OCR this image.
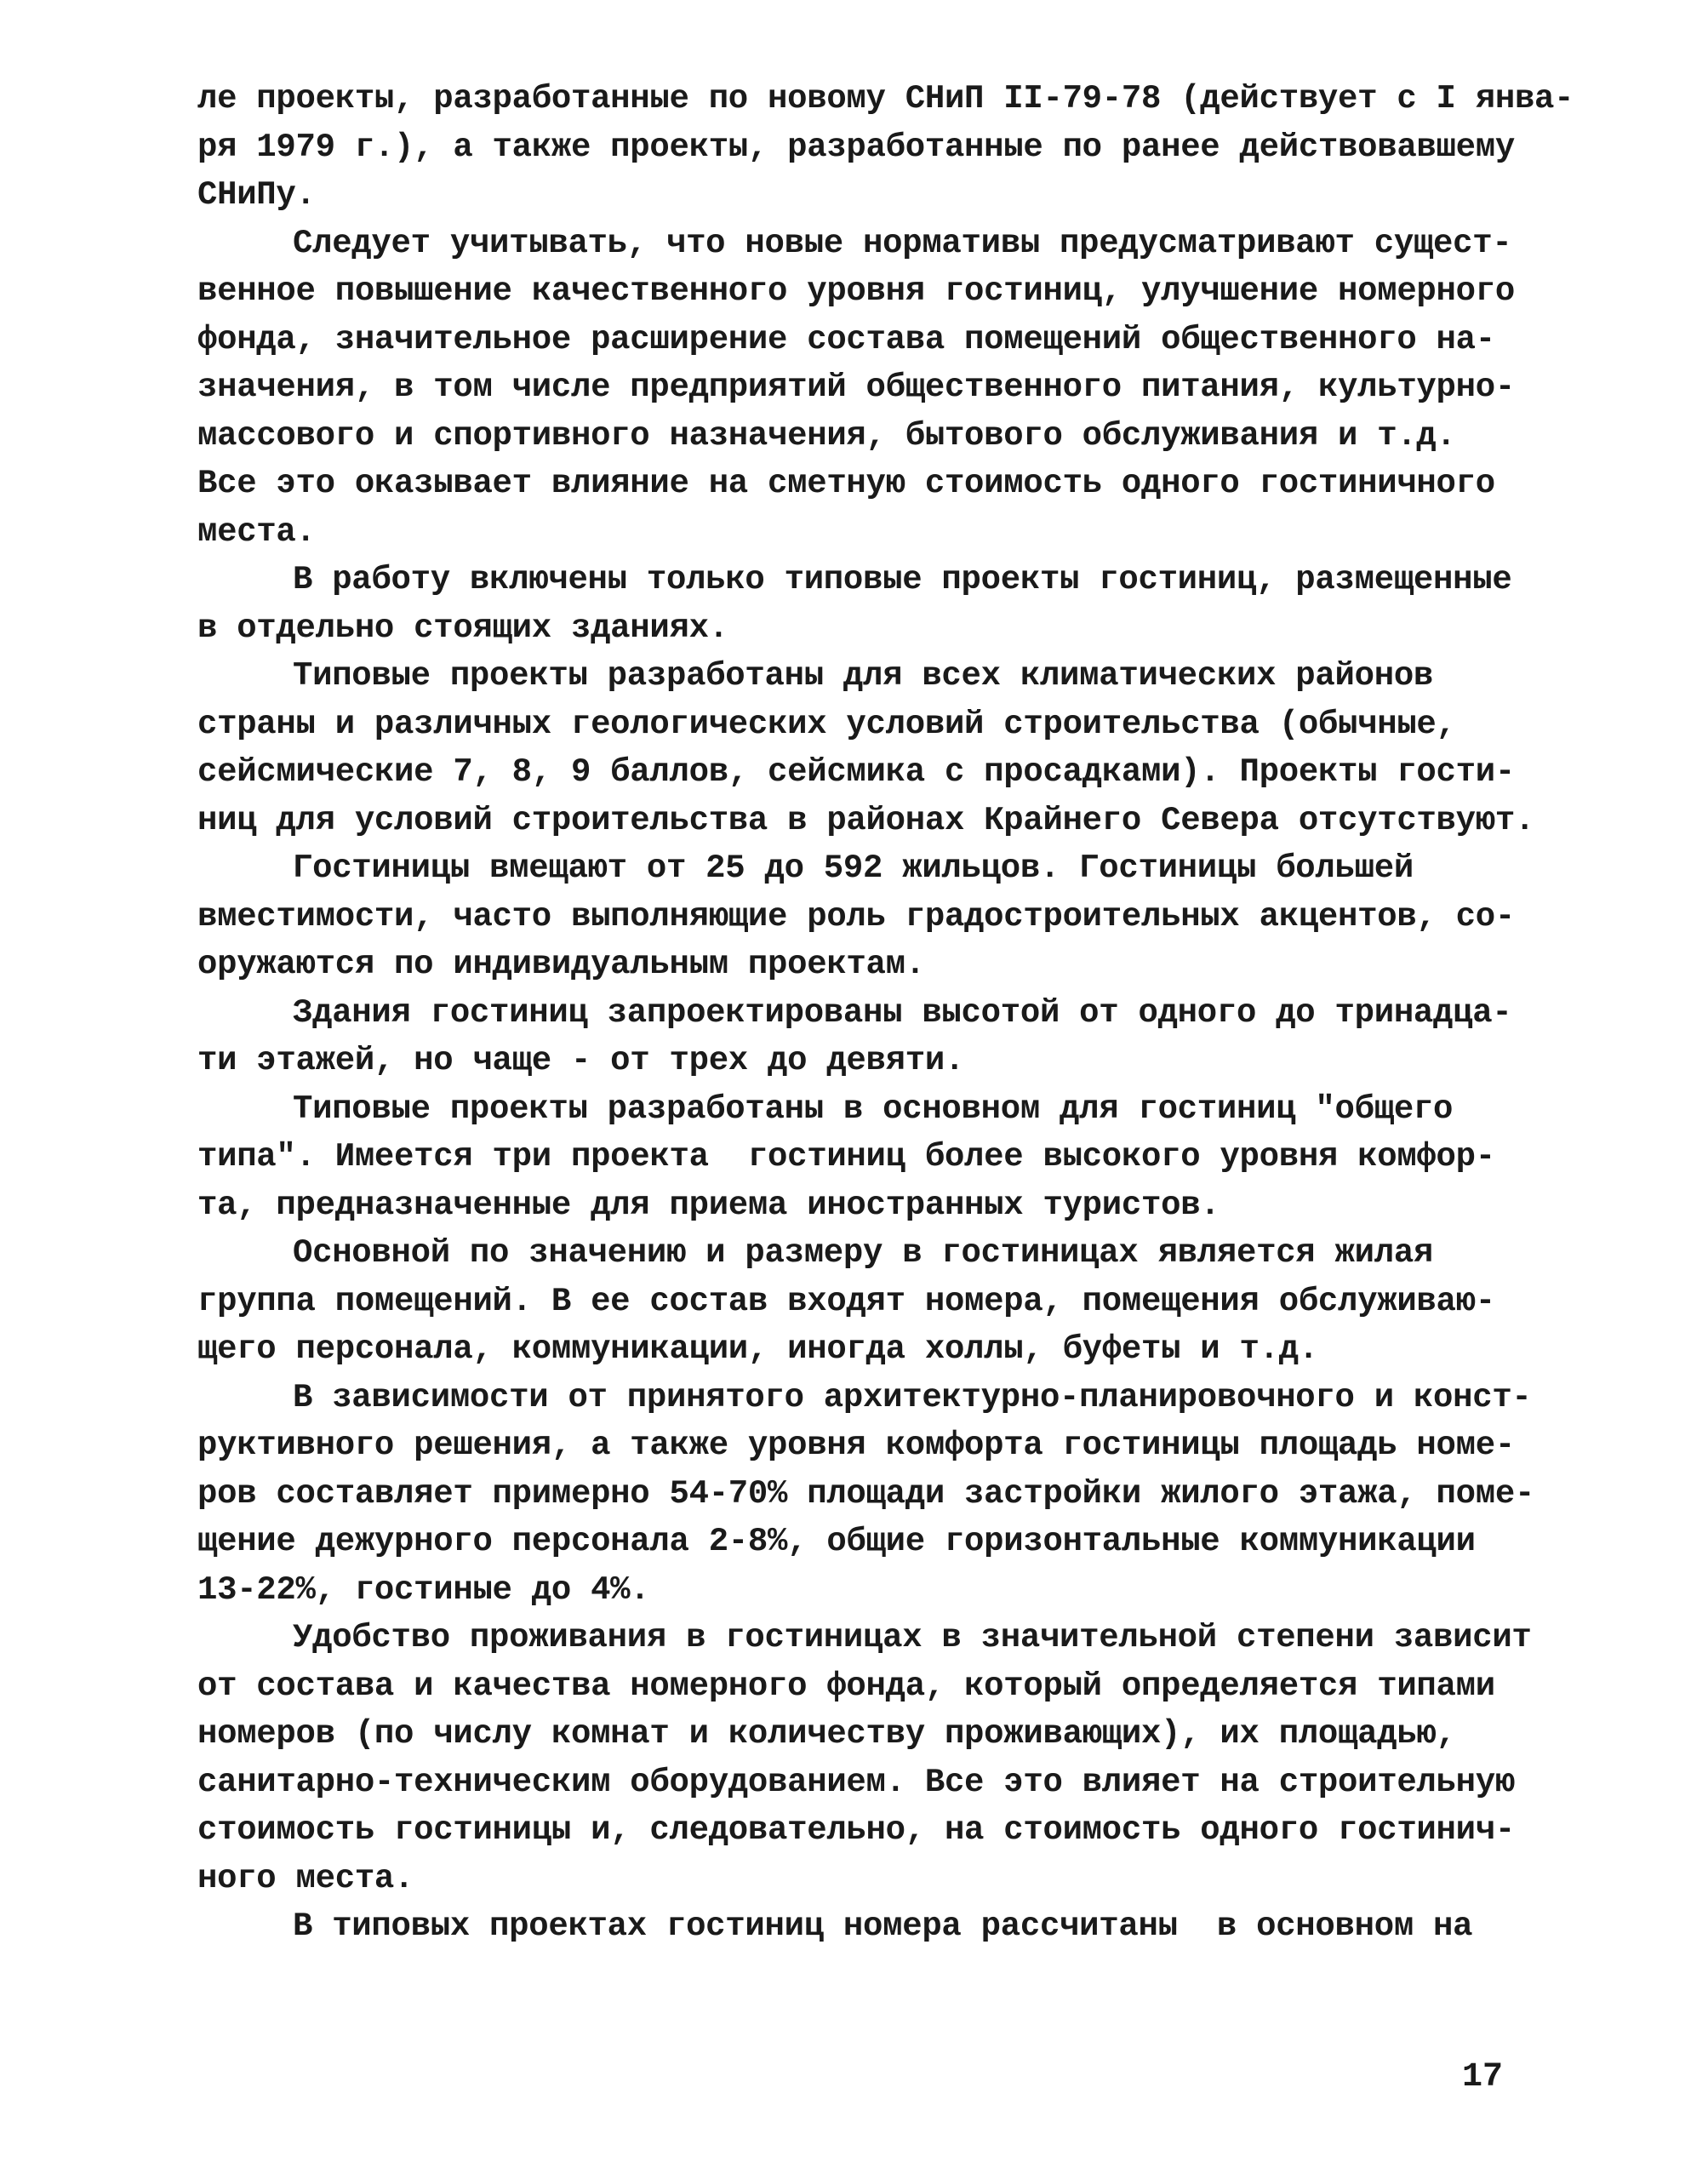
ле проекты, разработанные по новому СНиП II-79-78 (действует с I янва-
ря 1979 г.), а также проекты, разработанные по ранее действовавшему
СНиПу.
Следует учитывать, что новые нормативы предусматривают сущест-
венное повышение качественного уровня гостиниц, улучшение номерного
фонда, значительное расширение состава помещений общественного на-
значения, в том числе предприятий общественного питания, культурно-
массового и спортивного назначения, бытового обслуживания и т.д.
Все это оказывает влияние на сметную стоимость одного гостиничного
места.
В работу включены только типовые проекты гостиниц, размещенные
в отдельно стоящих зданиях.
Типовые проекты разработаны для всех климатических районов
страны и различных геологических условий строительства (обычные,
сейсмические 7, 8, 9 баллов, сейсмика с просадками). Проекты гости-
ниц для условий строительства в районах Крайнего Севера отсутствуют.
Гостиницы вмещают от 25 до 592 жильцов. Гостиницы большей
вместимости, часто выполняющие роль градостроительных акцентов, со-
оружаются по индивидуальным проектам.
Здания гостиниц запроектированы высотой от одного до тринадца-
ти этажей, но чаще - от трех до девяти.
Типовые проекты разработаны в основном для гостиниц "общего
типа". Имеется три проекта  гостиниц более высокого уровня комфор-
та, предназначенные для приема иностранных туристов.
Основной по значению и размеру в гостиницах является жилая
группа помещений. В ее состав входят номера, помещения обслуживаю-
щего персонала, коммуникации, иногда холлы, буфеты и т.д.
В зависимости от принятого архитектурно-планировочного и конст-
руктивного решения, а также уровня комфорта гостиницы площадь номе-
ров составляет примерно 54-70% площади застройки жилого этажа, поме-
щение дежурного персонала 2-8%, общие горизонтальные коммуникации
13-22%, гостиные до 4%.
Удобство проживания в гостиницах в значительной степени зависит
от состава и качества номерного фонда, который определяется типами
номеров (по числу комнат и количеству проживающих), их площадью,
санитарно-техническим оборудованием. Все это влияет на строительную
стоимость гостиницы и, следовательно, на стоимость одного гостинич-
ного места.
В типовых проектах гостиниц номера рассчитаны  в основном на
17
